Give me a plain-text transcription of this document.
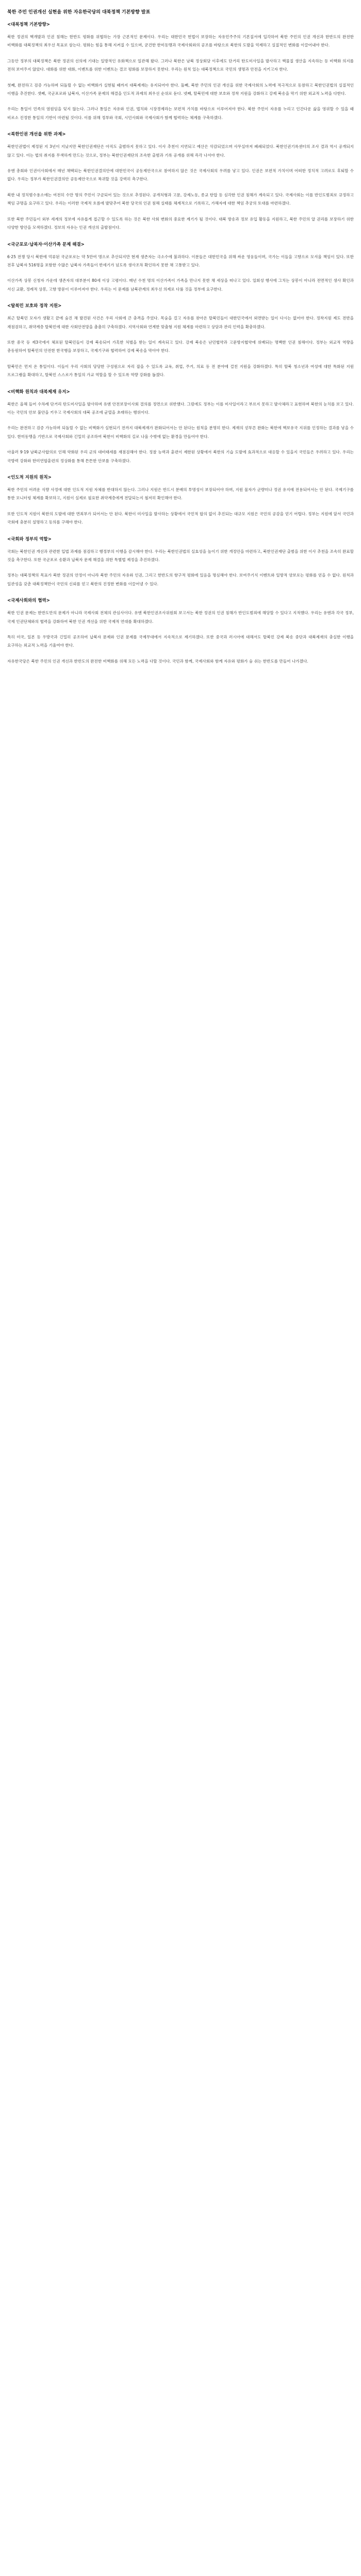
북한 주민 인권개선 실현을 위한 자유한국당의 대북정책 기본방향 발표
<대북정책 기본방향>

북한 정권의 핵개발과 인권 침해는 한반도 평화를 위협하는 가장 근본적인 문제이다. 우리는 대한민국 헌법이 보장하는 자유민주주의 기본질서에 입각하여 북한 주민의 인권 개선과 한반도의 완전한 비핵화를 대북정책의 최우선 목표로 삼는다. 평화는 힘을 통해 지켜질 수 있으며, 굳건한 한미동맹과 국제사회와의 공조를 바탕으로 북한의 도발을 억제하고 실질적인 변화를 이끌어내야 한다.

그동안 정부의 대북정책은 북한 정권의 선의에 기대는 일방적인 유화책으로 일관해 왔다. 그러나 북한은 남북 정상회담 이후에도 단거리 탄도미사일을 발사하고 핵물질 생산을 지속하는 등 비핵화 의지를 전혀 보여주지 않았다. 대화를 위한 대화, 이벤트를 위한 이벤트는 결코 평화를 보장하지 못한다. 우리는 원칙 있는 대북정책으로 국민의 생명과 안전을 지키고자 한다.

첫째, 완전하고 검증 가능하며 되돌릴 수 없는 비핵화가 실현될 때까지 대북제재는 유지되어야 한다. 둘째, 북한 주민의 인권 개선을 위한 국제사회의 노력에 적극적으로 동참하고 북한인권법의 실질적인 이행을 추진한다. 셋째, 국군포로와 납북자, 이산가족 문제의 해결을 인도적 과제의 최우선 순위로 둔다. 넷째, 탈북민에 대한 보호와 정착 지원을 강화하고 강제 북송을 막기 위한 외교적 노력을 다한다.

우리는 통일이 민족의 염원임을 잊지 않는다. 그러나 통일은 자유와 인권, 법치와 시장경제라는 보편적 가치를 바탕으로 이루어져야 한다. 북한 주민이 자유를 누리고 인간다운 삶을 영위할 수 있을 때 비로소 진정한 통일의 기반이 마련될 것이다. 이를 위해 정부와 국회, 시민사회와 국제사회가 함께 협력하는 체계를 구축하겠다.

<북한인권 개선을 위한 과제>

북한인권법이 제정된 지 3년이 지났지만 북한인권재단은 아직도 출범하지 못하고 있다. 이사 추천이 지연되고 예산은 삭감되었으며 사무실마저 폐쇄되었다. 북한인권기록센터의 조사 결과 역시 공개되지 않고 있다. 이는 법의 취지를 무색하게 만드는 것으로, 정부는 북한인권재단의 조속한 출범과 기록 공개를 위해 즉각 나서야 한다.

유엔 총회와 인권이사회에서 매년 채택되는 북한인권결의안에 대한민국이 공동제안국으로 참여하지 않은 것은 국제사회의 우려를 낳고 있다. 인권은 보편적 가치이며 어떠한 정치적 고려로도 후퇴할 수 없다. 우리는 정부가 북한인권결의안 공동제안국으로 복귀할 것을 강력히 촉구한다.

북한 내 정치범수용소에는 여전히 수만 명의 주민이 구금되어 있는 것으로 추정된다. 공개처형과 고문, 강제노동, 종교 탄압 등 심각한 인권 침해가 계속되고 있다. 국제사회는 이를 반인도범죄로 규정하고 책임 규명을 요구하고 있다. 우리는 이러한 국제적 흐름에 발맞추어 북한 당국의 인권 침해 실태를 체계적으로 기록하고, 가해자에 대한 책임 추궁의 토대를 마련하겠다.

또한 북한 주민들이 외부 세계의 정보에 자유롭게 접근할 수 있도록 하는 것은 북한 사회 변화의 중요한 계기가 될 것이다. 대북 방송과 정보 유입 활동을 지원하고, 북한 주민의 알 권리를 보장하기 위한 다양한 방안을 모색하겠다. 정보의 자유는 인권 개선의 출발점이다.

<국군포로·납북자·이산가족 문제 해결>

6·25 전쟁 당시 북한에 억류된 국군포로는 약 5만여 명으로 추산되지만 현재 생존자는 극소수에 불과하다. 이분들은 대한민국을 위해 싸운 영웅들이며, 국가는 이들을 고향으로 모셔올 책임이 있다. 또한 전후 납북자 516명을 포함한 수많은 납북자 가족들이 반세기가 넘도록 생사조차 확인하지 못한 채 고통받고 있다.

이산가족 상봉 신청자 가운데 생존자의 대부분이 80세 이상 고령이다. 매년 수천 명의 이산가족이 가족을 만나지 못한 채 세상을 떠나고 있다. 일회성 행사에 그치는 상봉이 아니라 전면적인 생사 확인과 서신 교환, 정례적 상봉, 고향 방문이 이루어져야 한다. 우리는 이 문제를 남북관계의 최우선 의제로 다룰 것을 정부에 요구한다.

<탈북민 보호와 정착 지원>

최근 탈북민 모자가 생활고 끝에 숨진 채 발견된 사건은 우리 사회에 큰 충격을 주었다. 목숨을 걸고 자유를 찾아온 탈북민들이 대한민국에서 외면받는 일이 다시는 없어야 한다. 정착지원 제도 전반을 재점검하고, 취약계층 탈북민에 대한 사회안전망을 촘촘히 구축하겠다. 지역사회와 연계한 맞춤형 지원 체계를 마련하고 상담과 관리 인력을 확충하겠다.

또한 중국 등 제3국에서 체포된 탈북민들이 강제 북송되어 가혹한 처벌을 받는 일이 계속되고 있다. 강제 북송은 난민협약과 고문방지협약에 위배되는 명백한 인권 침해이다. 정부는 외교적 역량을 총동원하여 탈북민의 안전한 한국행을 보장하고, 국제기구와 협력하여 강제 북송을 막아야 한다.

탈북민은 먼저 온 통일이다. 이들이 우리 사회의 당당한 구성원으로 자리 잡을 수 있도록 교육, 취업, 주거, 의료 등 전 분야에 걸친 지원을 강화하겠다. 특히 탈북 청소년과 여성에 대한 특화된 지원 프로그램을 확대하고, 탈북민 스스로가 통일의 가교 역할을 할 수 있도록 역량 강화를 돕겠다.

<비핵화 원칙과 대북제재 유지>

북한은 올해 들어 수차례 단거리 탄도미사일을 발사하며 유엔 안전보장이사회 결의를 정면으로 위반했다. 그럼에도 정부는 이를 미사일이라고 부르지 못하고 발사체라고 표현하며 북한의 눈치를 보고 있다. 이는 국민의 안보 불안을 키우고 국제사회의 대북 공조에 균열을 초래하는 행위이다.

우리는 완전하고 검증 가능하며 되돌릴 수 없는 비핵화가 실현되기 전까지 대북제재가 완화되어서는 안 된다는 원칙을 분명히 한다. 제재의 섣부른 완화는 북한에 핵보유국 지위를 인정하는 결과를 낳을 수 있다. 한미동맹을 기반으로 국제사회와 긴밀히 공조하여 북한이 비핵화의 길로 나올 수밖에 없는 환경을 만들어야 한다.

아울러 9·19 남북군사합의로 인해 약화된 우리 군의 대비태세를 재점검해야 한다. 정찰 능력과 훈련이 제한된 상황에서 북한의 기습 도발에 효과적으로 대응할 수 있을지 국민들은 우려하고 있다. 우리는 국방력 강화와 한미연합훈련의 정상화를 통해 튼튼한 안보를 구축하겠다.

<인도적 지원의 원칙>

북한 주민의 어려운 식량 사정에 대한 인도적 지원 자체를 반대하지 않는다. 그러나 지원은 반드시 분배의 투명성이 보장되어야 하며, 지원 물자가 군량미나 정권 유지에 전용되어서는 안 된다. 국제기구를 통한 모니터링 체계를 확보하고, 지원이 실제로 필요한 취약계층에게 전달되는지 철저히 확인해야 한다.

또한 인도적 지원이 북한의 도발에 대한 면죄부가 되어서는 안 된다. 북한이 미사일을 발사하는 상황에서 국민적 합의 없이 추진되는 대규모 지원은 국민의 공감을 얻기 어렵다. 정부는 지원에 앞서 국민과 국회에 충분히 설명하고 동의를 구해야 한다.

<국회와 정부의 역할>

국회는 북한인권 개선과 관련한 입법 과제를 점검하고 행정부의 이행을 감시해야 한다. 우리는 북한인권법의 실효성을 높이기 위한 개정안을 마련하고, 북한인권재단 출범을 위한 이사 추천을 조속히 완료할 것을 촉구한다. 또한 국군포로 송환과 납북자 문제 해결을 위한 특별법 제정을 추진하겠다.

정부는 대북정책의 목표가 북한 정권의 안정이 아니라 북한 주민의 자유와 인권, 그리고 한반도의 항구적 평화에 있음을 명심해야 한다. 보여주기식 이벤트와 일방적 양보로는 평화를 얻을 수 없다. 원칙과 일관성을 갖춘 대북정책만이 국민의 신뢰를 얻고 북한의 진정한 변화를 이끌어낼 수 있다.

<국제사회와의 협력>

북한 인권 문제는 한반도만의 문제가 아니라 국제사회 전체의 관심사이다. 유엔 북한인권조사위원회 보고서는 북한 정권의 인권 침해가 반인도범죄에 해당할 수 있다고 지적했다. 우리는 유엔과 각국 정부, 국제 인권단체와의 협력을 강화하여 북한 인권 개선을 위한 국제적 연대를 확대하겠다.

특히 미국, 일본 등 우방국과 긴밀히 공조하여 납북자 문제와 인권 문제를 국제무대에서 지속적으로 제기하겠다. 또한 중국과 러시아에 대해서도 탈북민 강제 북송 중단과 대북제재의 충실한 이행을 요구하는 외교적 노력을 기울여야 한다.

자유한국당은 북한 주민의 인권 개선과 한반도의 완전한 비핵화를 위해 모든 노력을 다할 것이다. 국민과 함께, 국제사회와 함께 자유와 평화가 숨 쉬는 한반도를 만들어 나가겠다.
